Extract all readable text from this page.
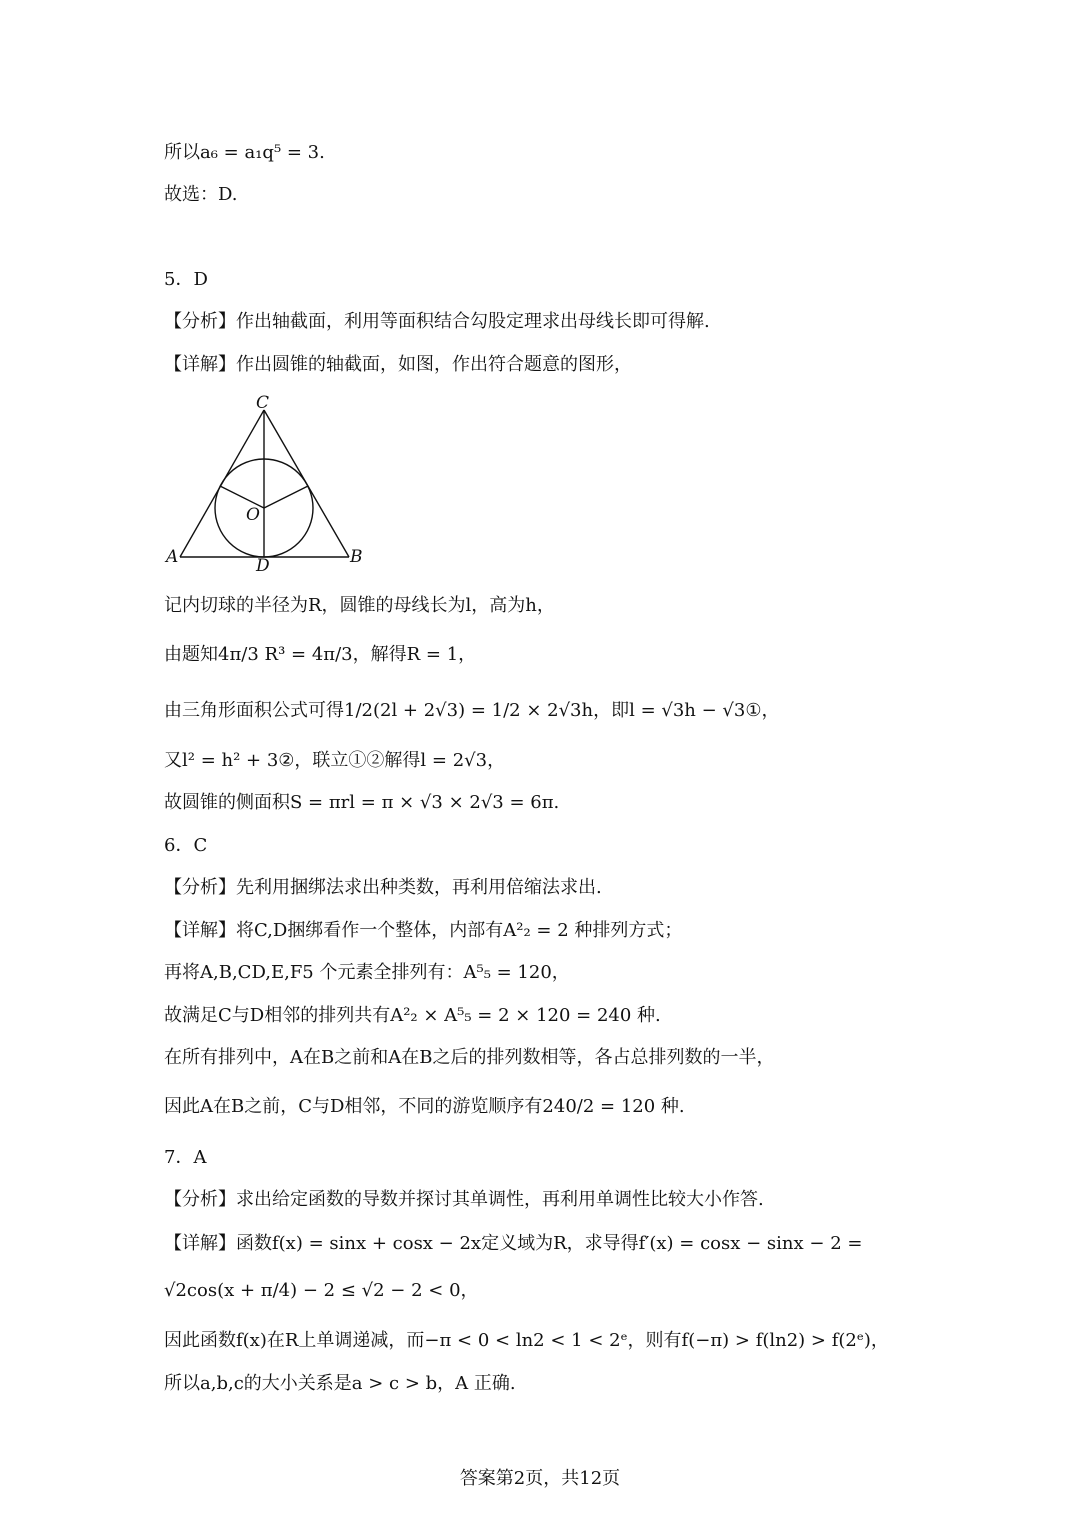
所以a₆ = a₁q⁵ = 3.
故选：D.
5．D
【分析】作出轴截面，利用等面积结合勾股定理求出母线长即可得解.
【详解】作出圆锥的轴截面，如图，作出符合题意的图形，
C
O
A	B
D
记内切球的半径为R，圆锥的母线长为l，高为h，
由题知4π/3 R³ = 4π/3，解得R = 1，
由三角形面积公式可得1/2(2l + 2√3) = 1/2 × 2√3h，即l = √3h − √3①，
又l² = h² + 3②，联立①②解得l = 2√3，
故圆锥的侧面积S = πrl = π × √3 × 2√3 = 6π.
6．C
【分析】先利用捆绑法求出种类数，再利用倍缩法求出.
【详解】将C,D捆绑看作一个整体，内部有A²₂ = 2 种排列方式；
再将A,B,CD,E,F5 个元素全排列有：A⁵₅ = 120，
故满足C与D相邻的排列共有A²₂ × A⁵₅ = 2 × 120 = 240 种.
在所有排列中，A在B之前和A在B之后的排列数相等，各占总排列数的一半，
因此A在B之前，C与D相邻，不同的游览顺序有240/2 = 120 种.
7．A
【分析】求出给定函数的导数并探讨其单调性，再利用单调性比较大小作答.
【详解】函数f(x) = sinx + cosx − 2x定义域为R，求导得f′(x) = cosx − sinx − 2 =
√2cos(x + π/4) − 2 ≤ √2 − 2 < 0，
因此函数f(x)在R上单调递减，而−π < 0 < ln2 < 1 < 2ᵉ，则有f(−π) > f(ln2) > f(2ᵉ)，
所以a,b,c的大小关系是a > c > b，A 正确.
答案第2页，共12页
